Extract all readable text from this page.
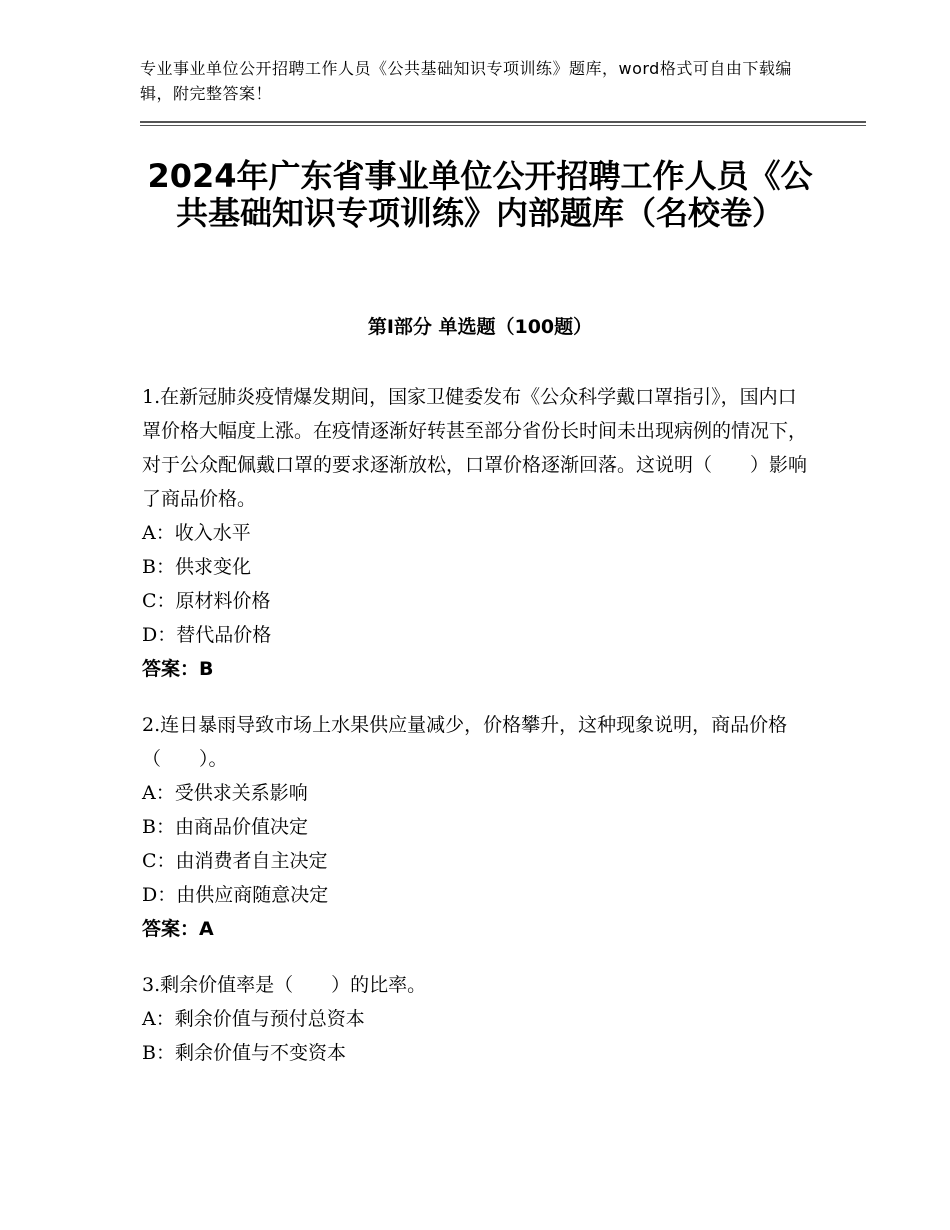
专业事业单位公开招聘工作人员《公共基础知识专项训练》题库，word格式可自由下载编辑，附完整答案！
2024年广东省事业单位公开招聘工作人员《公共基础知识专项训练》内部题库（名校卷）
第Ⅰ部分 单选题（100题）
1.在新冠肺炎疫情爆发期间，国家卫健委发布《公众科学戴口罩指引》，国内口罩价格大幅度上涨。在疫情逐渐好转甚至部分省份长时间未出现病例的情况下，对于公众配佩戴口罩的要求逐渐放松，口罩价格逐渐回落。这说明（　　）影响了商品价格。
A：收入水平
B：供求变化
C：原材料价格
D：替代品价格
答案：B
2.连日暴雨导致市场上水果供应量减少，价格攀升，这种现象说明，商品价格（　　）。
A：受供求关系影响
B：由商品价值决定
C：由消费者自主决定
D：由供应商随意决定
答案：A
3.剩余价值率是（　　）的比率。
A：剩余价值与预付总资本
B：剩余价值与不变资本
